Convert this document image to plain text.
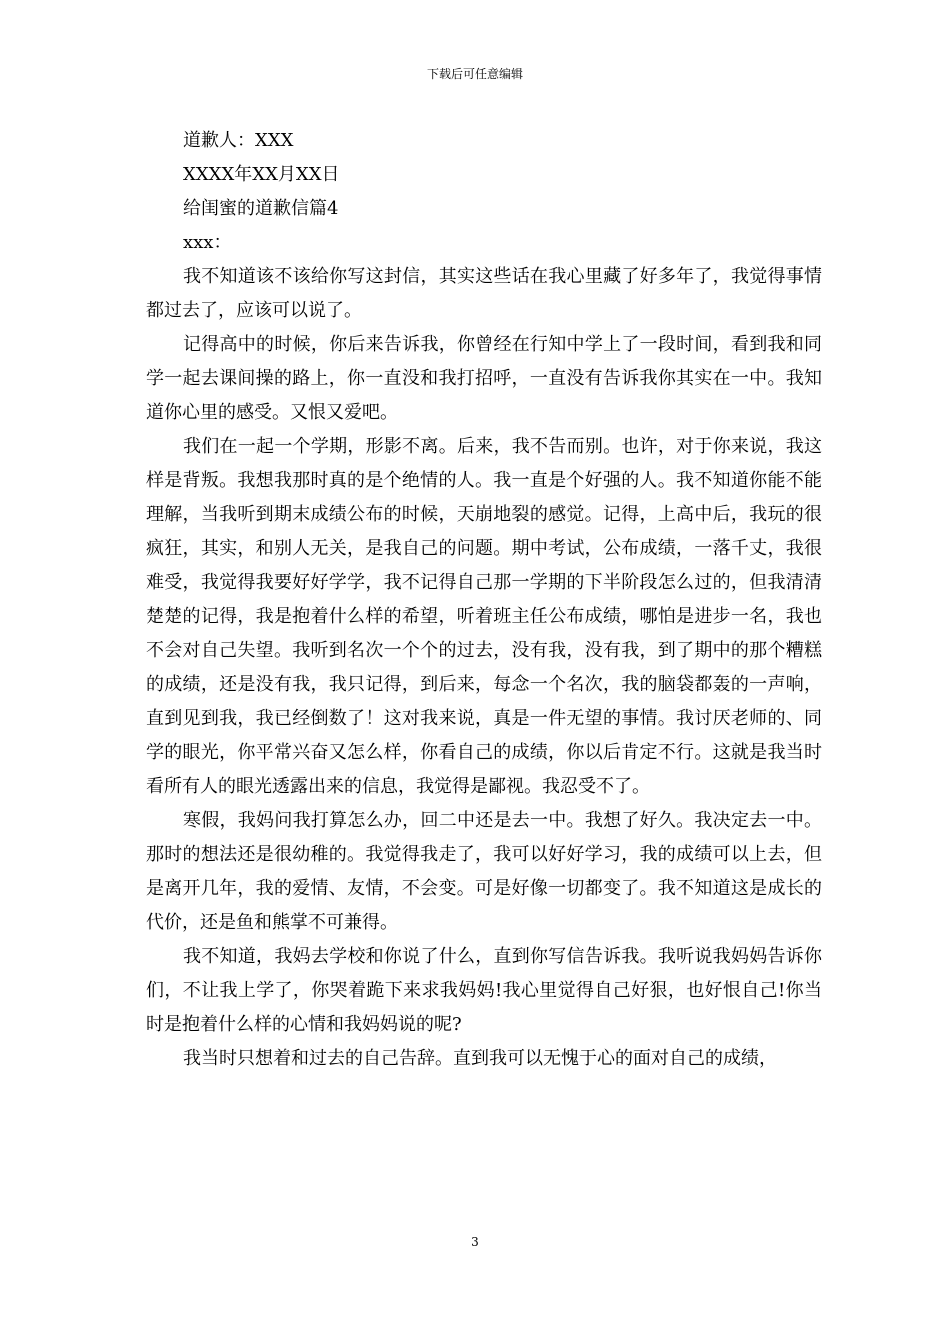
下载后可任意编辑

道歉人：XXX

XXXX年XX月XX日

给闺蜜的道歉信篇4

xxx：

我不知道该不该给你写这封信，其实这些话在我心里藏了好多年了，我觉得事情都过去了，应该可以说了。

记得高中的时候，你后来告诉我，你曾经在行知中学上了一段时间，看到我和同学一起去课间操的路上，你一直没和我打招呼，一直没有告诉我你其实在一中。我知道你心里的感受。又恨又爱吧。

我们在一起一个学期，形影不离。后来，我不告而别。也许，对于你来说，我这样是背叛。我想我那时真的是个绝情的人。我一直是个好强的人。我不知道你能不能理解，当我听到期末成绩公布的时候，天崩地裂的感觉。记得，上高中后，我玩的很疯狂，其实，和别人无关，是我自己的问题。期中考试，公布成绩，一落千丈，我很难受，我觉得我要好好学学，我不记得自己那一学期的下半阶段怎么过的，但我清清楚楚的记得，我是抱着什么样的希望，听着班主任公布成绩，哪怕是进步一名，我也不会对自己失望。我听到名次一个个的过去，没有我，没有我，到了期中的那个糟糕的成绩，还是没有我，我只记得，到后来，每念一个名次，我的脑袋都轰的一声响，直到见到我，我已经倒数了！这对我来说，真是一件无望的事情。我讨厌老师的、同学的眼光，你平常兴奋又怎么样，你看自己的成绩，你以后肯定不行。这就是我当时看所有人的眼光透露出来的信息，我觉得是鄙视。我忍受不了。

寒假，我妈问我打算怎么办，回二中还是去一中。我想了好久。我决定去一中。那时的想法还是很幼稚的。我觉得我走了，我可以好好学习，我的成绩可以上去，但是离开几年，我的爱情、友情，不会变。可是好像一切都变了。我不知道这是成长的代价，还是鱼和熊掌不可兼得。

我不知道，我妈去学校和你说了什么，直到你写信告诉我。我听说我妈妈告诉你们，不让我上学了，你哭着跪下来求我妈妈!我心里觉得自己好狠，也好恨自己!你当时是抱着什么样的心情和我妈妈说的呢?

我当时只想着和过去的自己告辞。直到我可以无愧于心的面对自己的成绩，

3
